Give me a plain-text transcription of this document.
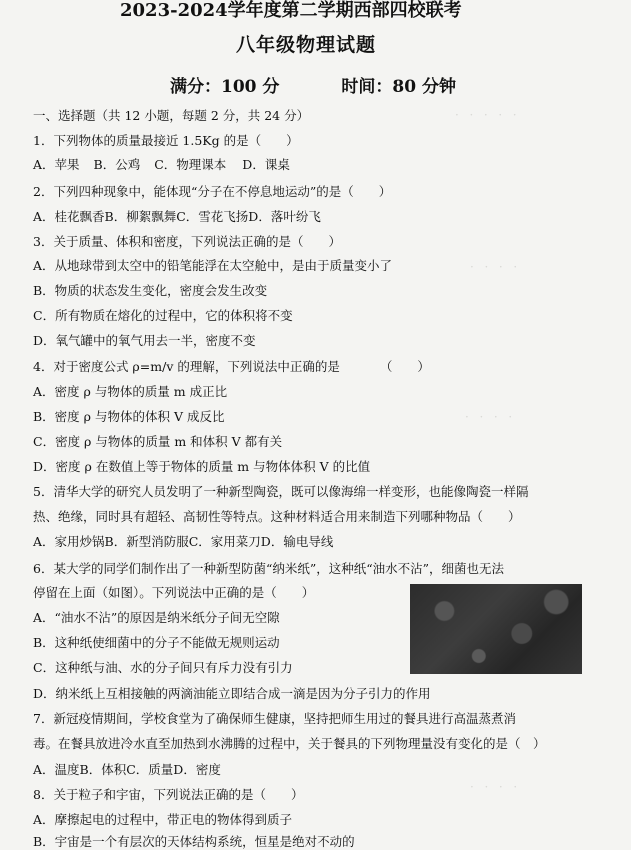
·  ·  ·  ·  ·
·  ·  ·  ·
·  ·  ·  ·
·  ·  ·  ·
2023-2024学年度第二学期西部四校联考
八年级物理试题
满分：100 分	时间：80 分钟
一、选择题（共 12 小题，每题 2 分，共 24 分）
1．下列物体的质量最接近 1.5Kg 的是（　　）
A．苹果 B．公鸡 C．物理课本 D．课桌
2．下列四种现象中，能体现“分子在不停息地运动”的是（　　）
A．桂花飘香B．柳絮飘舞C．雪花飞扬D．落叶纷飞
3．关于质量、体积和密度，下列说法正确的是（　　）
A．从地球带到太空中的铅笔能浮在太空舱中，是由于质量变小了
B．物质的状态发生变化，密度会发生改变
C．所有物质在熔化的过程中，它的体积将不变
D．氧气罐中的氧气用去一半，密度不变
4．对于密度公式 ρ=m/v 的理解，下列说法中正确的是	（　　）
A．密度 ρ 与物体的质量 m 成正比
B．密度 ρ 与物体的体积 V 成反比
C．密度 ρ 与物体的质量 m 和体积 V 都有关
D．密度 ρ 在数值上等于物体的质量 m 与物体体积 V 的比值
5．清华大学的研究人员发明了一种新型陶瓷，既可以像海绵一样变形，也能像陶瓷一样隔
热、绝缘，同时具有超轻、高韧性等特点。这种材料适合用来制造下列哪种物品（　　）
A．家用炒锅B．新型消防服C．家用菜刀D．输电导线
6．某大学的同学们制作出了一种新型防菌“纳米纸”，这种纸“油水不沾”，细菌也无法
停留在上面（如图）。下列说法中正确的是（　　）
A．“油水不沾”的原因是纳米纸分子间无空隙
B．这种纸使细菌中的分子不能做无规则运动
C．这种纸与油、水的分子间只有斥力没有引力
D．纳米纸上互相接触的两滴油能立即结合成一滴是因为分子引力的作用
7．新冠疫情期间，学校食堂为了确保师生健康，坚持把师生用过的餐具进行高温蒸煮消
毒。在餐具放进冷水直至加热到水沸腾的过程中，关于餐具的下列物理量没有变化的是（　）
A．温度B．体积C．质量D．密度
8．关于粒子和宇宙，下列说法正确的是（　　）
A．摩擦起电的过程中，带正电的物体得到质子
B．宇宙是一个有层次的天体结构系统，恒星是绝对不动的
